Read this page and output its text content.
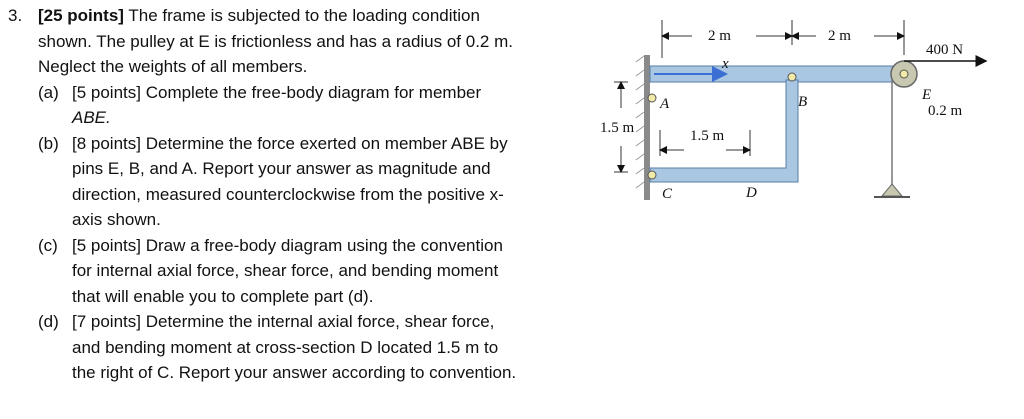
3. [25 points] The frame is subjected to the loading condition
shown. The pulley at E is frictionless and has a radius of 0.2 m.
Neglect the weights of all members.
(a) [5 points] Complete the free-body diagram for member
ABE.
(b) [8 points] Determine the force exerted on member ABE by
pins E, B, and A. Report your answer as magnitude and
direction, measured counterclockwise from the positive x-
axis shown.
(c) [5 points] Draw a free-body diagram using the convention
for internal axial force, shear force, and bending moment
that will enable you to complete part (d).
(d) [7 points] Determine the internal axial force, shear force,
and bending moment at cross-section D located 1.5 m to
the right of C. Report your answer according to convention.
2 m	2 m
1.5 m	1.5 m
400 N
0.2 m
A	B
C	D
E
x
